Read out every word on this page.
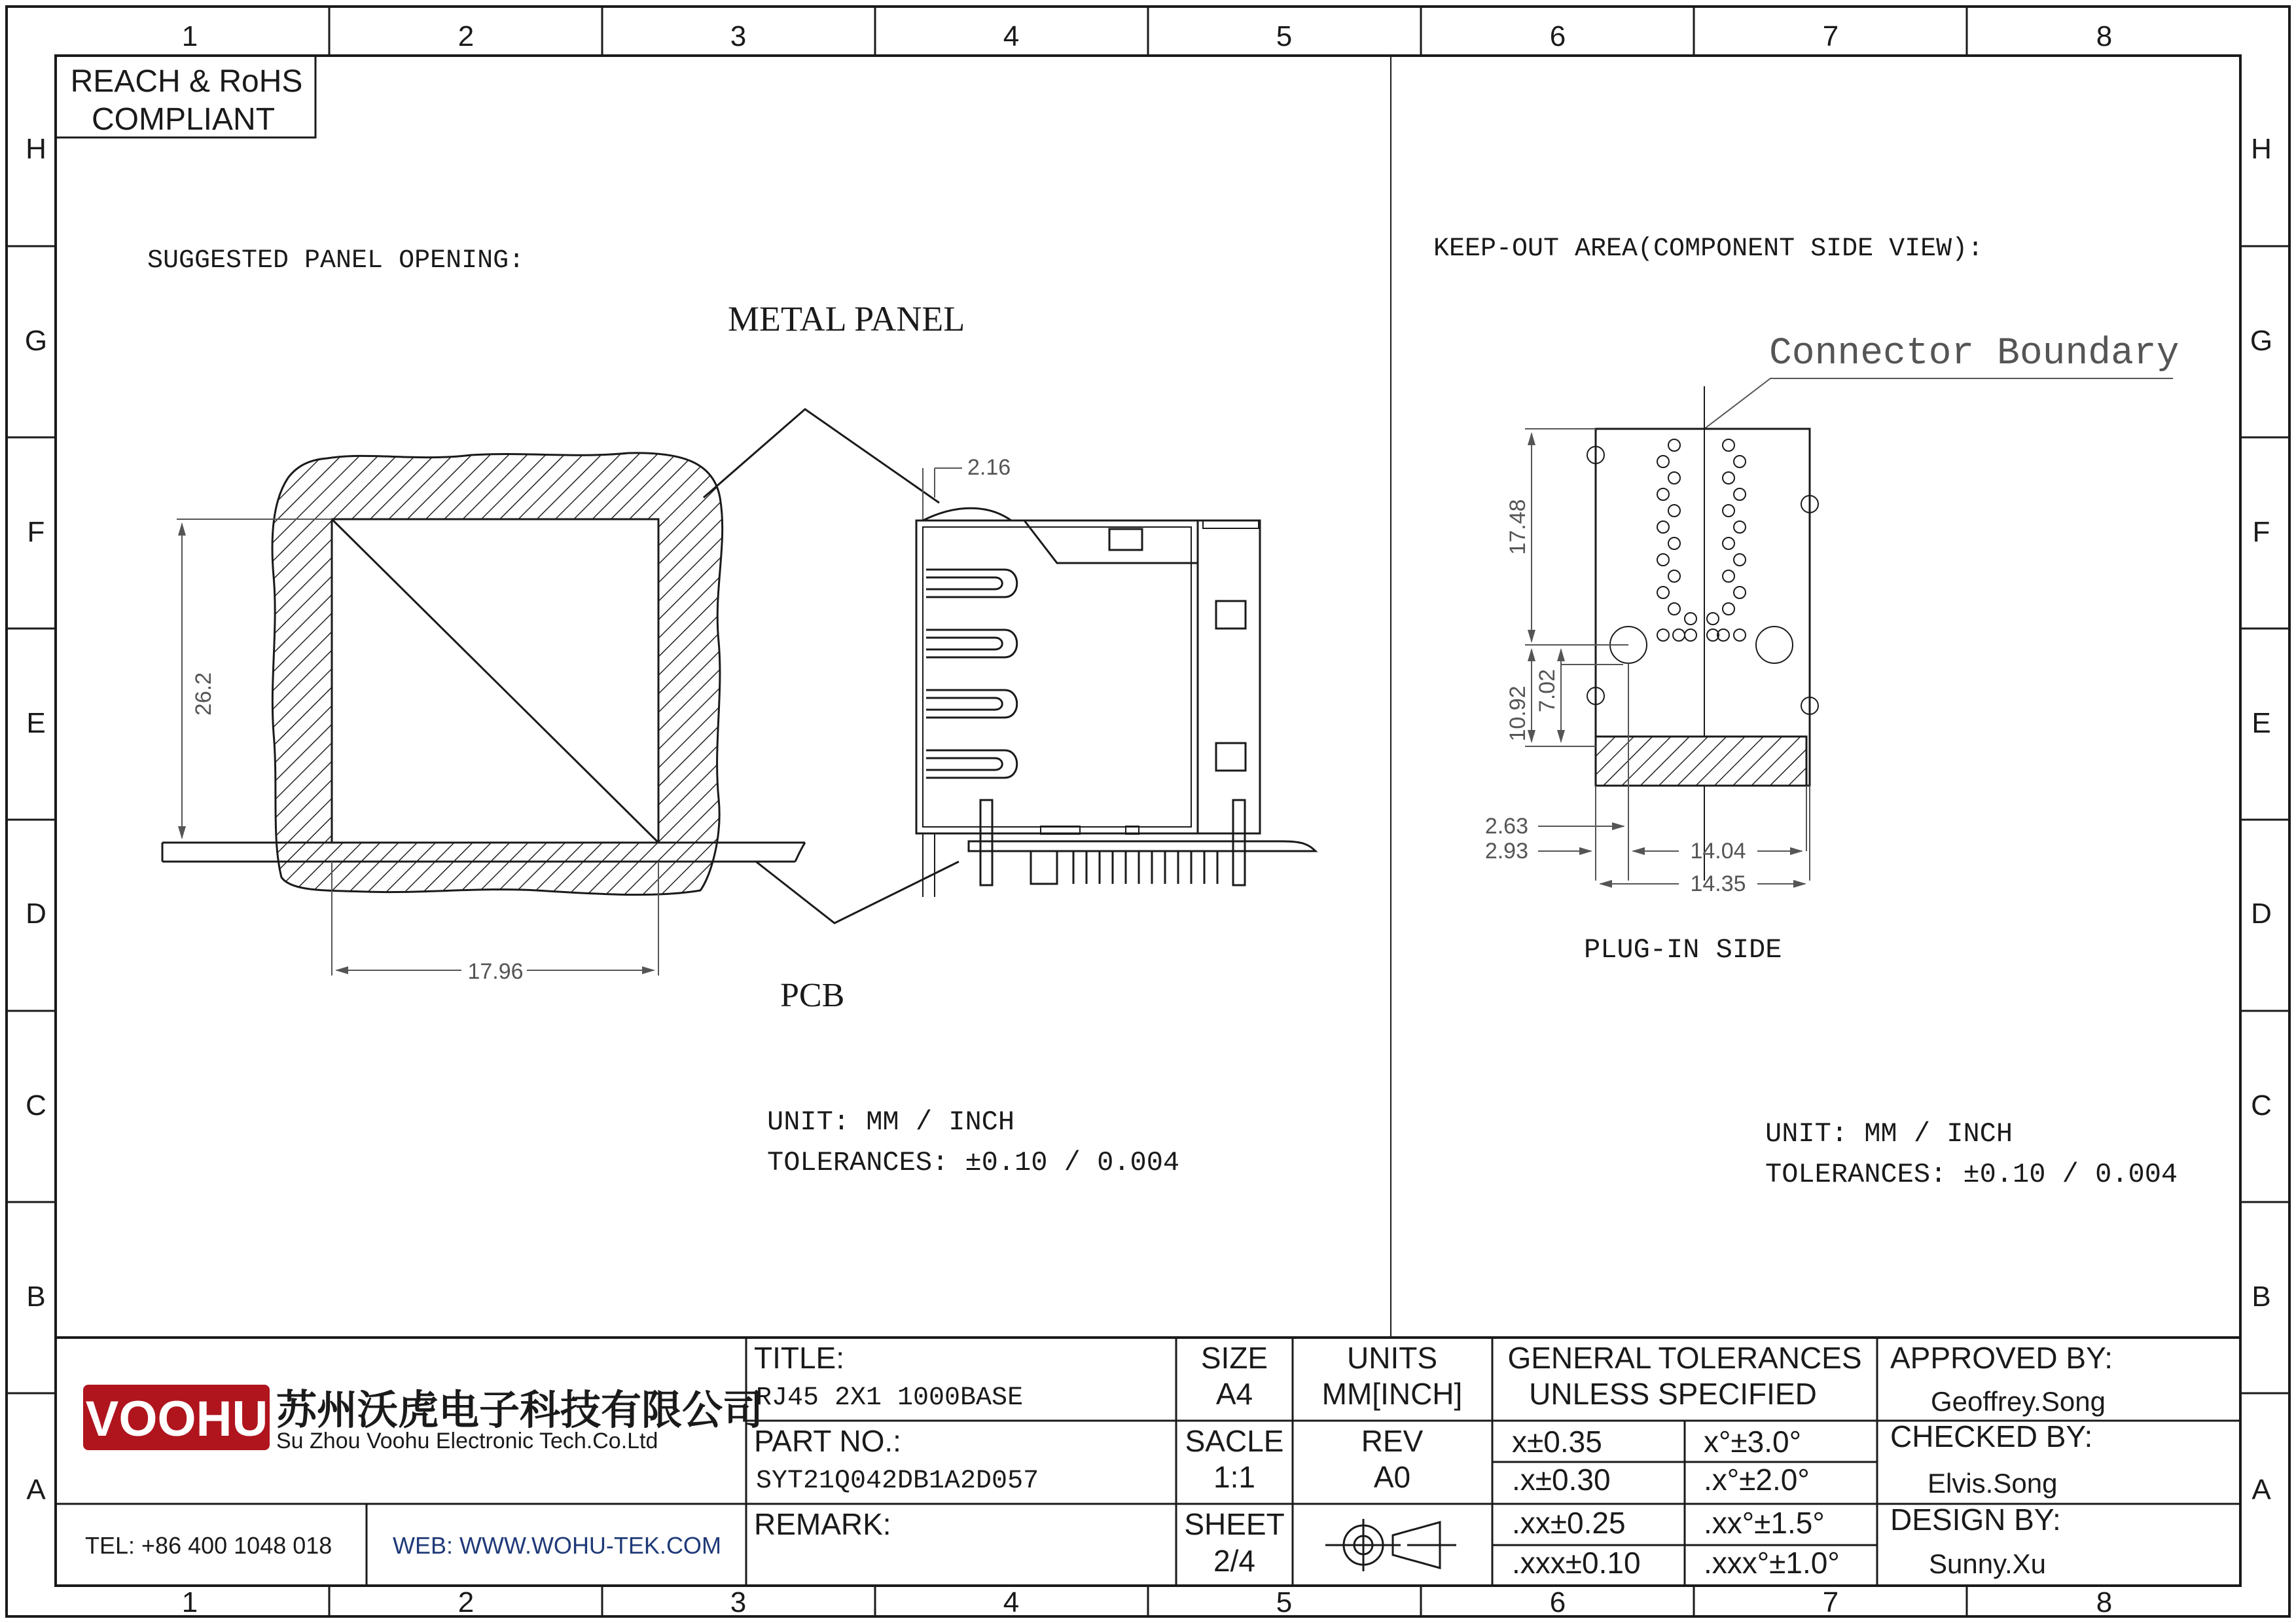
1	2	3	4	5	6	7	8
1	2	3	4	5	6	7	8
H
G
F
E
D
C
B
A
H
G
F
E
D
C
B
A
REACH & RoHS
COMPLIANT
SUGGESTED PANEL OPENING:
METAL PANEL
PCB
26.2
17.96
2.16
UNIT: MM / INCH
TOLERANCES: ±0.10 / 0.004
KEEP-OUT AREA(COMPONENT SIDE VIEW):
Connector Boundary
17.48
10.92 7.02
2.63
2.93	14.04
14.35
PLUG-IN SIDE
UNIT: MM / INCH
TOLERANCES: ±0.10 / 0.004
VOOHU 苏州沃虎电子科技有限公司
Su Zhou Voohu Electronic Tech.Co.Ltd
TEL: +86 400 1048 018	WEB: WWW.WOHU-TEK.COM
TITLE:
RJ45 2X1 1000BASE
PART NO.:
SYT21Q042DB1A2D057
REMARK:
SIZE
A4
SACLE
1:1
SHEET
2/4
UNITS
MM[INCH]
REV
A0
GENERAL TOLERANCES
UNLESS SPECIFIED
x±0.35	x°±3.0°
.x±0.30	.x°±2.0°
.xx±0.25	.xx°±1.5°
.xxx±0.10 .xxx°±1.0°
APPROVED BY:
Geoffrey.Song
CHECKED BY:
Elvis.Song
DESIGN BY:
Sunny.Xu
